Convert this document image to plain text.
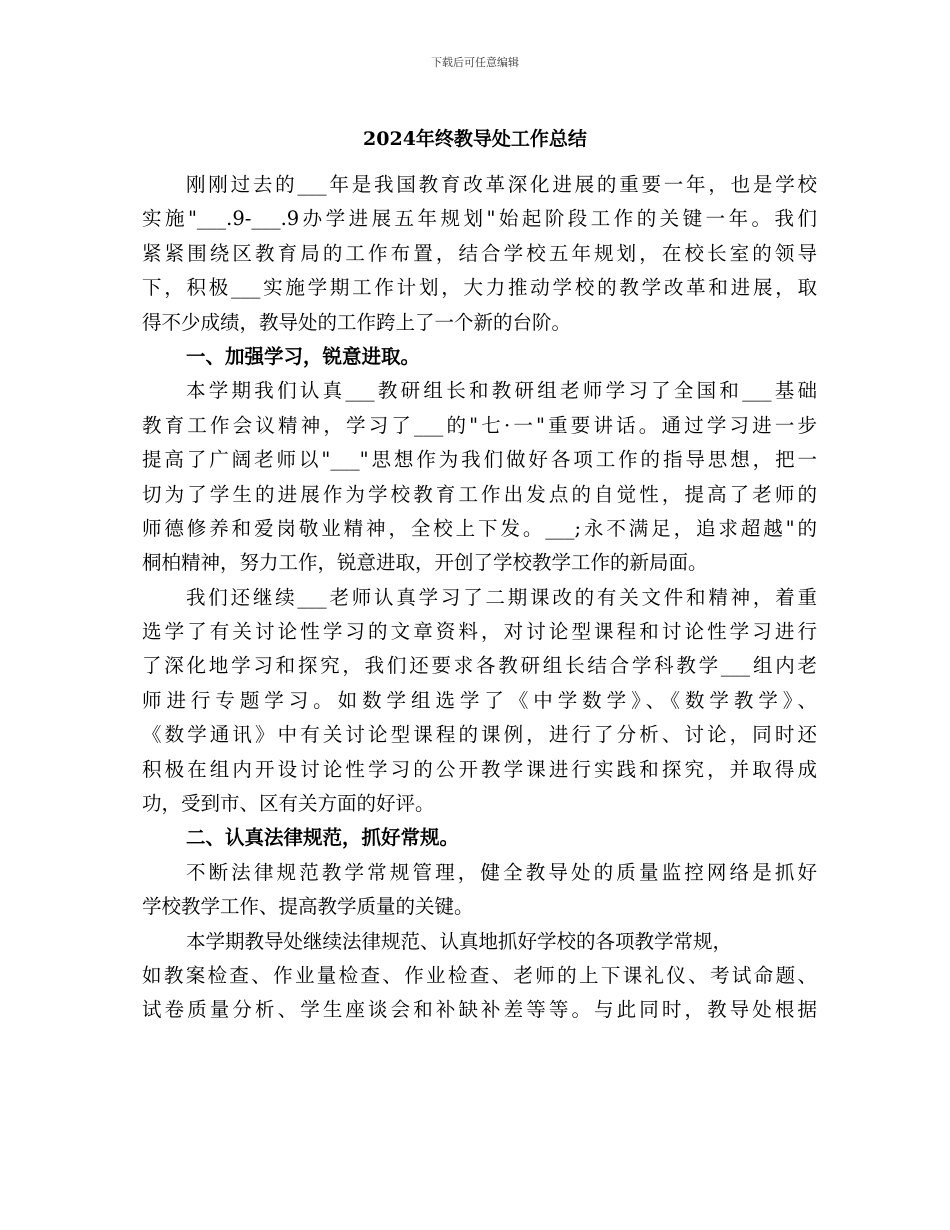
下载后可任意编辑
2024年终教导处工作总结
刚刚过去的___年是我国教育改革深化进展的重要一年，也是学校
实施"___.9-___.9办学进展五年规划"始起阶段工作的关键一年。我们
紧紧围绕区教育局的工作布置，结合学校五年规划，在校长室的领导
下，积极___实施学期工作计划，大力推动学校的教学改革和进展，取
得不少成绩，教导处的工作跨上了一个新的台阶。
一、加强学习，锐意进取。
本学期我们认真___教研组长和教研组老师学习了全国和___基础
教育工作会议精神，学习了___的"七·一"重要讲话。通过学习进一步
提高了广阔老师以"___"思想作为我们做好各项工作的指导思想，把一
切为了学生的进展作为学校教育工作出发点的自觉性，提高了老师的
师德修养和爱岗敬业精神，全校上下发。___;永不满足，追求超越"的
桐柏精神，努力工作，锐意进取，开创了学校教学工作的新局面。
我们还继续___老师认真学习了二期课改的有关文件和精神，着重
选学了有关讨论性学习的文章资料，对讨论型课程和讨论性学习进行
了深化地学习和探究，我们还要求各教研组长结合学科教学___组内老
师进行专题学习。如数学组选学了《中学数学》、《数学教学》、
《数学通讯》中有关讨论型课程的课例，进行了分析、讨论，同时还
积极在组内开设讨论性学习的公开教学课进行实践和探究，并取得成
功，受到市、区有关方面的好评。
二、认真法律规范，抓好常规。
不断法律规范教学常规管理，健全教导处的质量监控网络是抓好
学校教学工作、提高教学质量的关键。
本学期教导处继续法律规范、认真地抓好学校的各项教学常规，
如教案检查、作业量检查、作业检查、老师的上下课礼仪、考试命题、
试卷质量分析、学生座谈会和补缺补差等等。与此同时，教导处根据
